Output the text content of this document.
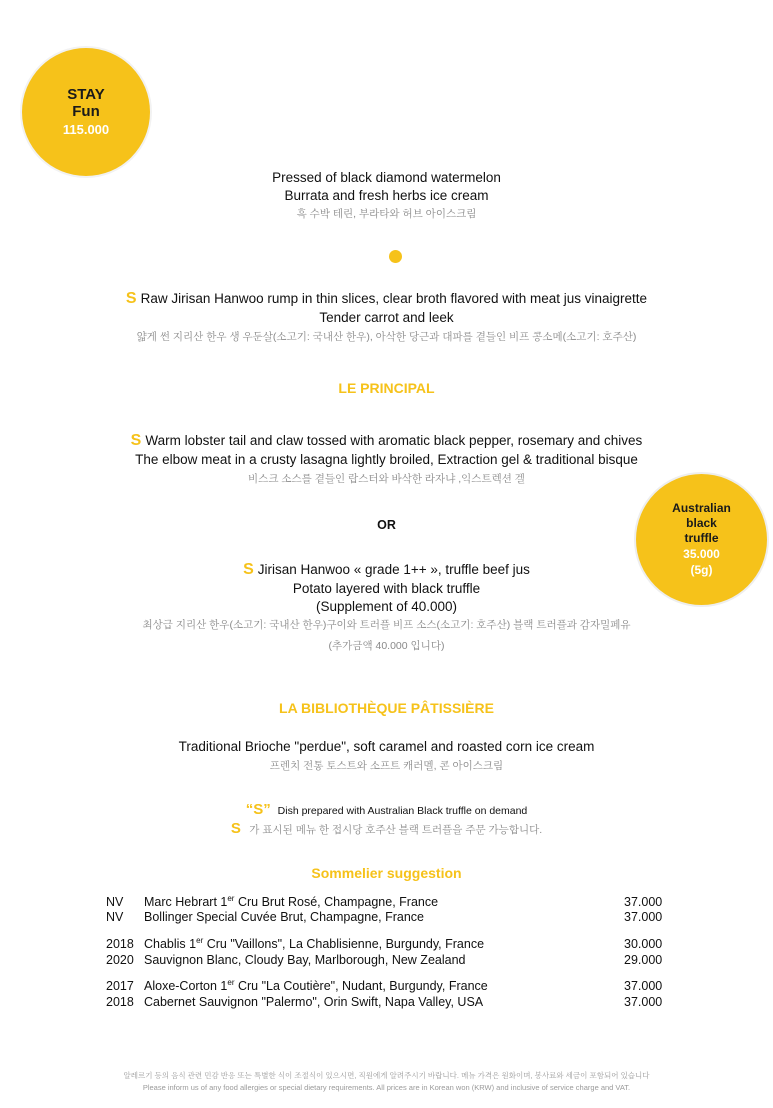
STAY
Fun
115.000
Australian
black
truffle
35.000
(5g)
Pressed of black diamond watermelon
Burrata and fresh herbs ice cream
흑 수박 테린, 부라타와 허브 아이스크림
S Raw Jirisan Hanwoo rump in thin slices, clear broth flavored with meat jus vinaigrette
Tender carrot and leek
얇게 썬 지리산 한우 생 우둔살(소고기: 국내산 한우), 아삭한 당근과 대파를 곁들인 비프 콩소메(소고기: 호주산)
LE PRINCIPAL
S Warm lobster tail and claw tossed with aromatic black pepper, rosemary and chives
The elbow meat in a crusty lasagna lightly broiled, Extraction gel & traditional bisque
비스크 소스를 곁들인 랍스터와 바삭한 라자냐 ,익스트렉션 겔
OR
S Jirisan Hanwoo « grade 1++ », truffle beef jus
Potato layered with black truffle
(Supplement of 40.000)
최상급 지리산 한우(소고기: 국내산 한우)구이와 트러플 비프 소스(소고기: 호주산) 블랙 트러플과 감자밀페유
(추가금액 40.000 입니다)
LA BIBLIOTHÈQUE PÂTISSIÈRE
Traditional Brioche "perdue", soft caramel and roasted corn ice cream
프렌치 전통 토스트와 소프트 캐러멜, 콘 아이스크림
“S” Dish prepared with Australian Black truffle on demand
S 가 표시된 메뉴 한 접시당 호주산 블랙 트러플을 주문 가능합니다.
Sommelier suggestion
NV Marc Hebrart 1er Cru Brut Rosé, Champagne, France	37.000
NV Bollinger Special Cuvée Brut, Champagne, France	37.000
2018 Chablis 1er Cru "Vaillons", La Chablisienne, Burgundy, France	30.000
2020 Sauvignon Blanc, Cloudy Bay, Marlborough, New Zealand	29.000
2017 Aloxe-Corton 1er Cru "La Coutière", Nudant, Burgundy, France	37.000
2018 Cabernet Sauvignon "Palermo", Orin Swift, Napa Valley, USA	37.000
알레르기 등의 음식 관련 민감 반응 또는 특별한 식이 조절식이 있으시면, 직원에게 알려주시기 바랍니다. 메뉴 가격은 원화이며, 봉사료와 세금이 포함되어 있습니다
Please inform us of any food allergies or special dietary requirements. All prices are in Korean won (KRW) and inclusive of service charge and VAT.
